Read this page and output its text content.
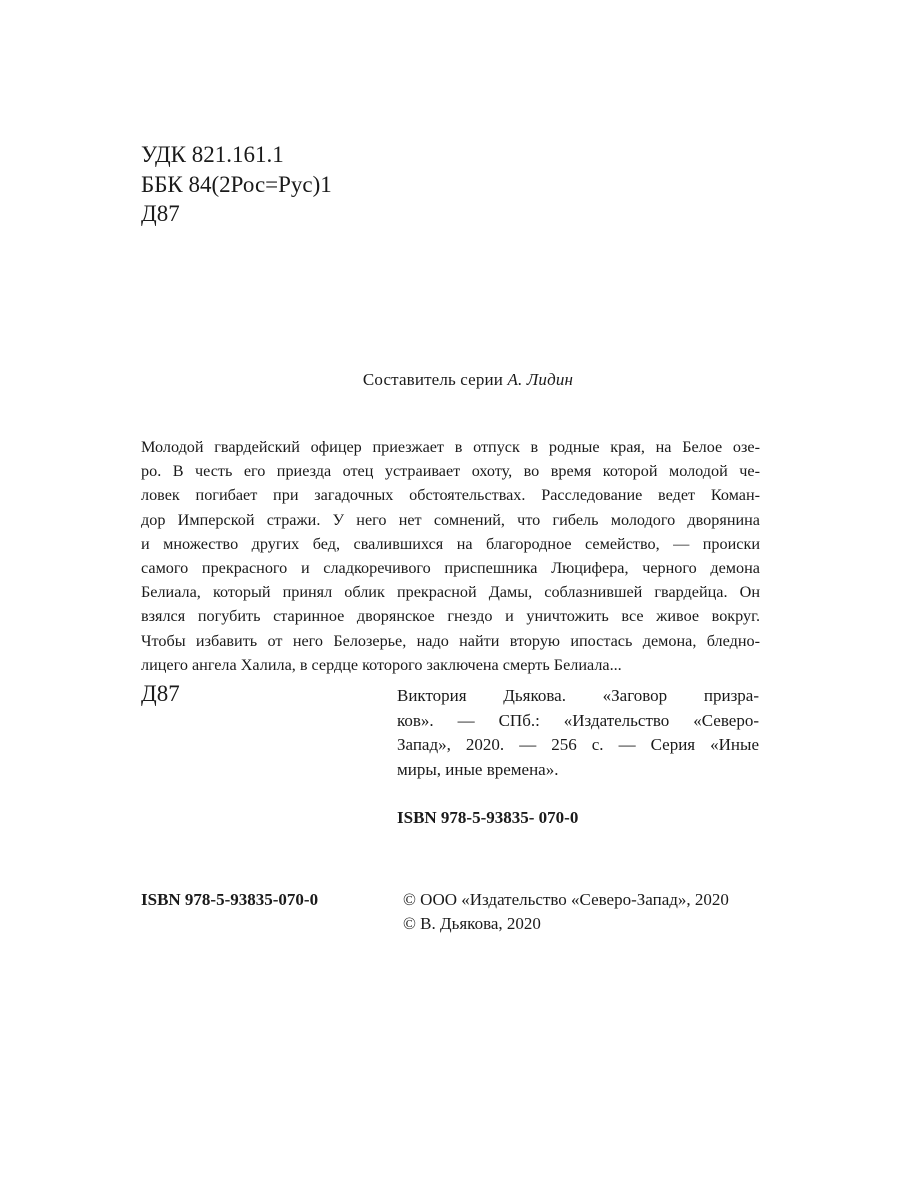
УДК 821.161.1
ББК 84(2Рос=Рус)1
Д87
Составитель серии А. Лидин
Молодой гвардейский офицер приезжает в отпуск в родные края, на Белое озе-
ро. В честь его приезда отец устраивает охоту, во время которой молодой че-
ловек погибает при загадочных обстоятельствах. Расследование ведет Коман-
дор Имперской стражи. У него нет сомнений, что гибель молодого дворянина
и множество других бед, свалившихся на благородное семейство, — происки
самого прекрасного и сладкоречивого приспешника Люцифера, черного демона
Белиала, который принял облик прекрасной Дамы, соблазнившей гвардейца. Он
взялся погубить старинное дворянское гнездо и уничтожить все живое вокруг.
Чтобы избавить от него Белозерье, надо найти вторую ипостась демона, бледно-
лицего ангела Халила, в сердце которого заключена смерть Белиала...
Д87	Виктория Дьякова. «Заговор призра-
ков». — СПб.: «Издательство «Северо-
Запад», 2020. — 256 с. — Серия «Иные
миры, иные времена».
ISBN 978-5-93835- 070-0
ISBN 978-5-93835-070-0	© ООО «Издательство «Северо-Запад», 2020
© В. Дьякова, 2020
